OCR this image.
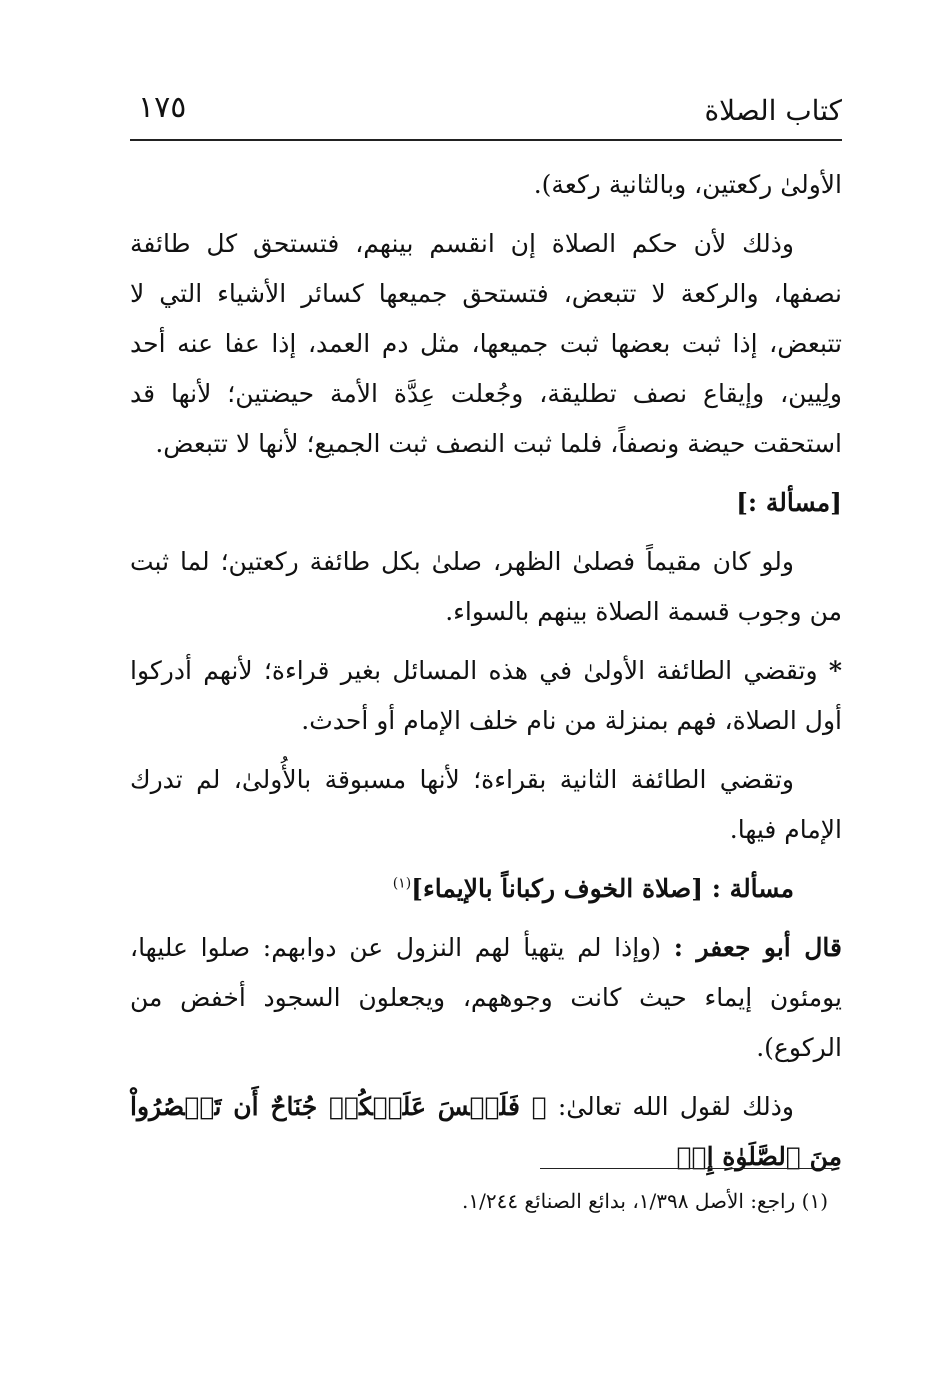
كتاب الصلاة
١٧٥

الأولىٰ ركعتين، وبالثانية ركعة).

وذلك لأن حكم الصلاة إن انقسم بينهم، فتستحق كل طائفة نصفها، والركعة لا تتبعض، فتستحق جميعها كسائر الأشياء التي لا تتبعض، إذا ثبت بعضها ثبت جميعها، مثل دم العمد، إذا عفا عنه أحد ولِيين، وإيقاع نصف تطليقة، وجُعلت عِدَّة الأمة حيضتين؛ لأنها قد استحقت حيضة ونصفاً، فلما ثبت النصف ثبت الجميع؛ لأنها لا تتبعض.

[مسألة :]

ولو كان مقيماً فصلىٰ الظهر، صلىٰ بكل طائفة ركعتين؛ لما ثبت من وجوب قسمة الصلاة بينهم بالسواء.

* وتقضي الطائفة الأولىٰ في هذه المسائل بغير قراءة؛ لأنهم أدركوا أول الصلاة، فهم بمنزلة من نام خلف الإمام أو أحدث.

وتقضي الطائفة الثانية بقراءة؛ لأنها مسبوقة بالأُولىٰ، لم تدرك الإمام فيها.

مسألة : [صلاة الخوف ركباناً بالإيماء]$^{(١)}$

قال أبو جعفر : (وإذا لم يتهيأ لهم النزول عن دوابهم: صلوا عليها، يومئون إيماء حيث كانت وجوههم، ويجعلون السجود أخفض من الركوع).

وذلك لقول الله تعالىٰ: ﴿ فَلَيۡسَ عَلَيۡكُمۡ جُنَاحٌ أَن تَقۡصُرُواْ مِنَ ٱلصَّلَوٰةِ إِنۡ

(١) راجع: الأصل ١/٣٩٨، بدائع الصنائع ١/٢٤٤.
